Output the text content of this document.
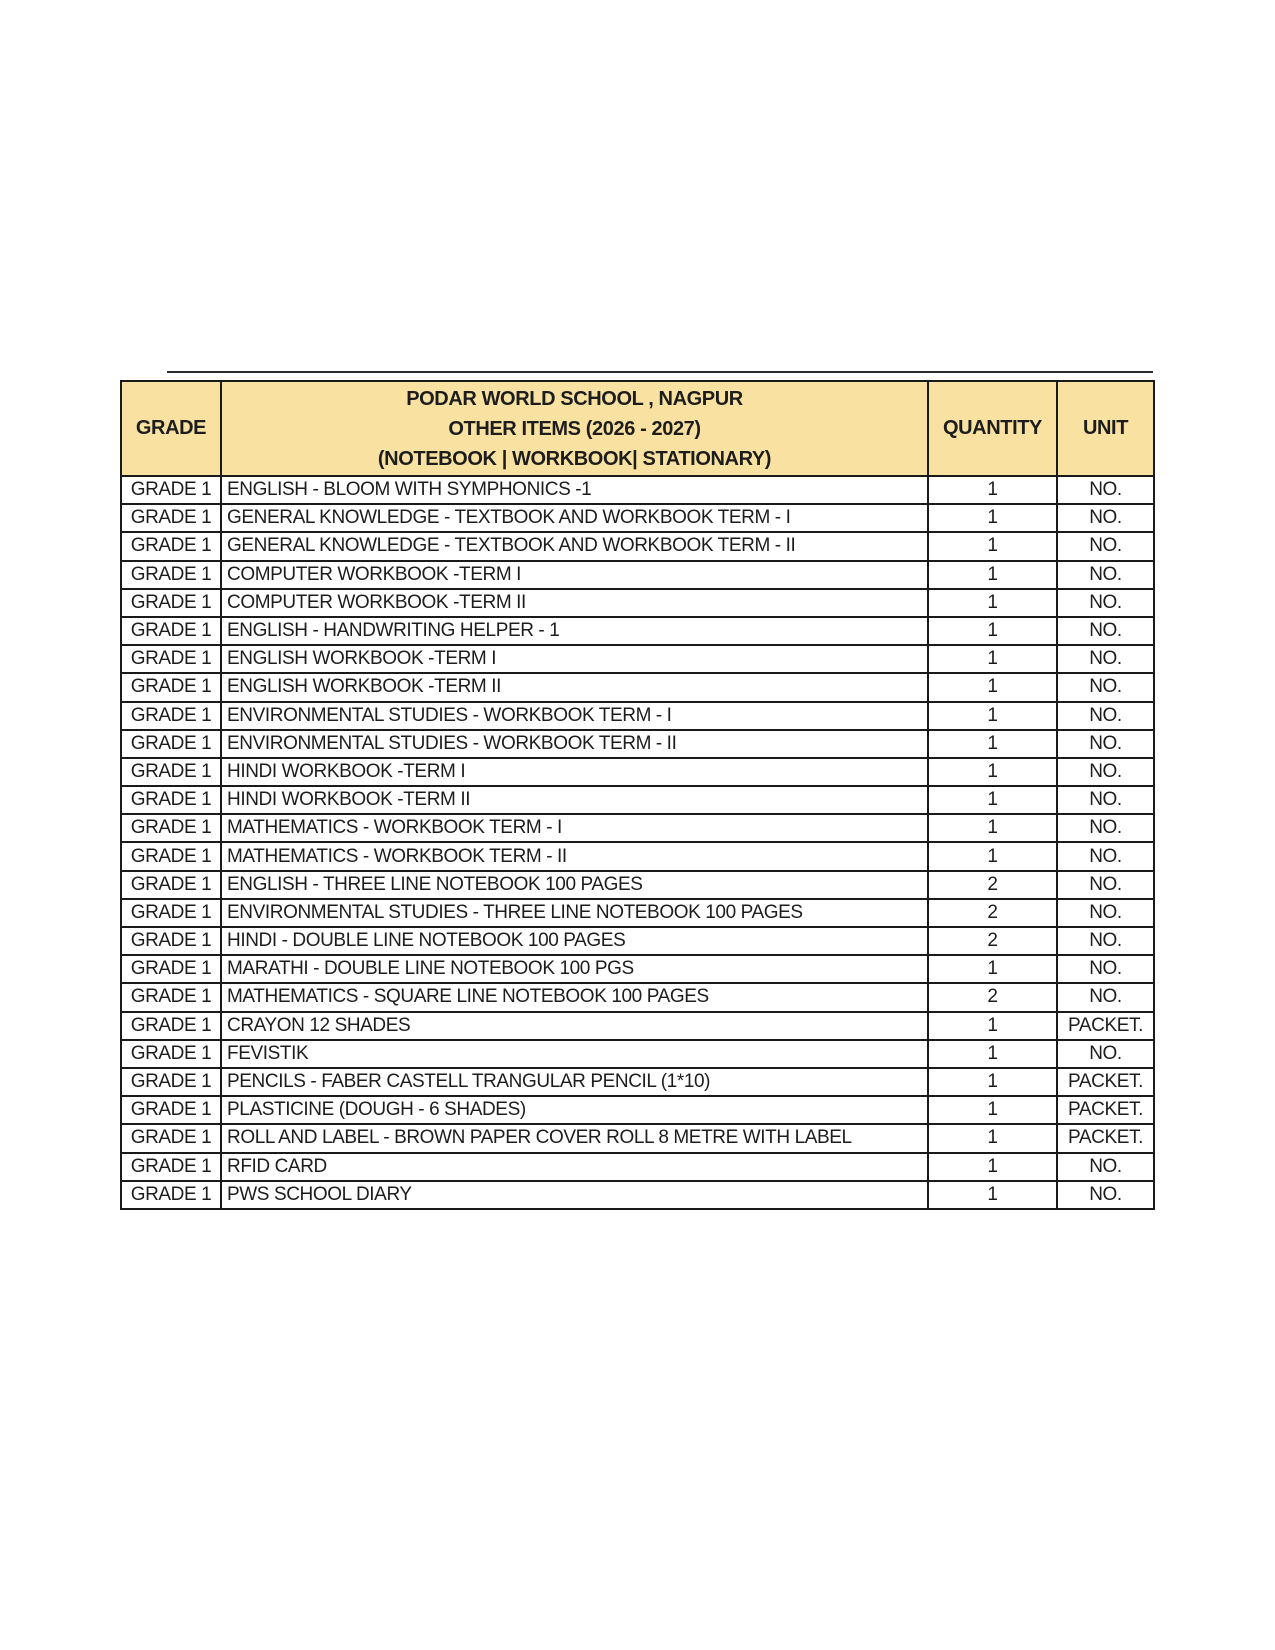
GRADE	PODAR WORLD SCHOOL , NAGPUR
OTHER ITEMS (2026 - 2027)
(NOTEBOOK | WORKBOOK| STATIONARY)	QUANTITY	UNIT
GRADE 1	ENGLISH - BLOOM WITH SYMPHONICS -1	1	NO.
GRADE 1	GENERAL KNOWLEDGE - TEXTBOOK AND WORKBOOK TERM - I	1	NO.
GRADE 1	GENERAL KNOWLEDGE - TEXTBOOK AND WORKBOOK TERM - II	1	NO.
GRADE 1	COMPUTER WORKBOOK -TERM I	1	NO.
GRADE 1	COMPUTER WORKBOOK -TERM II	1	NO.
GRADE 1	ENGLISH - HANDWRITING HELPER - 1	1	NO.
GRADE 1	ENGLISH WORKBOOK -TERM I	1	NO.
GRADE 1	ENGLISH WORKBOOK -TERM II	1	NO.
GRADE 1	ENVIRONMENTAL STUDIES - WORKBOOK TERM - I	1	NO.
GRADE 1	ENVIRONMENTAL STUDIES - WORKBOOK TERM - II	1	NO.
GRADE 1	HINDI WORKBOOK -TERM I	1	NO.
GRADE 1	HINDI WORKBOOK -TERM II	1	NO.
GRADE 1	MATHEMATICS - WORKBOOK TERM - I	1	NO.
GRADE 1	MATHEMATICS - WORKBOOK TERM - II	1	NO.
GRADE 1	ENGLISH - THREE LINE NOTEBOOK 100 PAGES	2	NO.
GRADE 1	ENVIRONMENTAL STUDIES - THREE LINE NOTEBOOK 100 PAGES	2	NO.
GRADE 1	HINDI - DOUBLE LINE NOTEBOOK 100 PAGES	2	NO.
GRADE 1	MARATHI - DOUBLE LINE NOTEBOOK 100 PGS	1	NO.
GRADE 1	MATHEMATICS - SQUARE LINE NOTEBOOK 100 PAGES	2	NO.
GRADE 1	CRAYON 12 SHADES	1	PACKET.
GRADE 1	FEVISTIK	1	NO.
GRADE 1	PENCILS - FABER CASTELL TRANGULAR PENCIL (1*10)	1	PACKET.
GRADE 1	PLASTICINE (DOUGH - 6 SHADES)	1	PACKET.
GRADE 1	ROLL AND LABEL - BROWN PAPER COVER ROLL 8 METRE WITH LABEL	1	PACKET.
GRADE 1	RFID CARD	1	NO.
GRADE 1	PWS SCHOOL DIARY	1	NO.
